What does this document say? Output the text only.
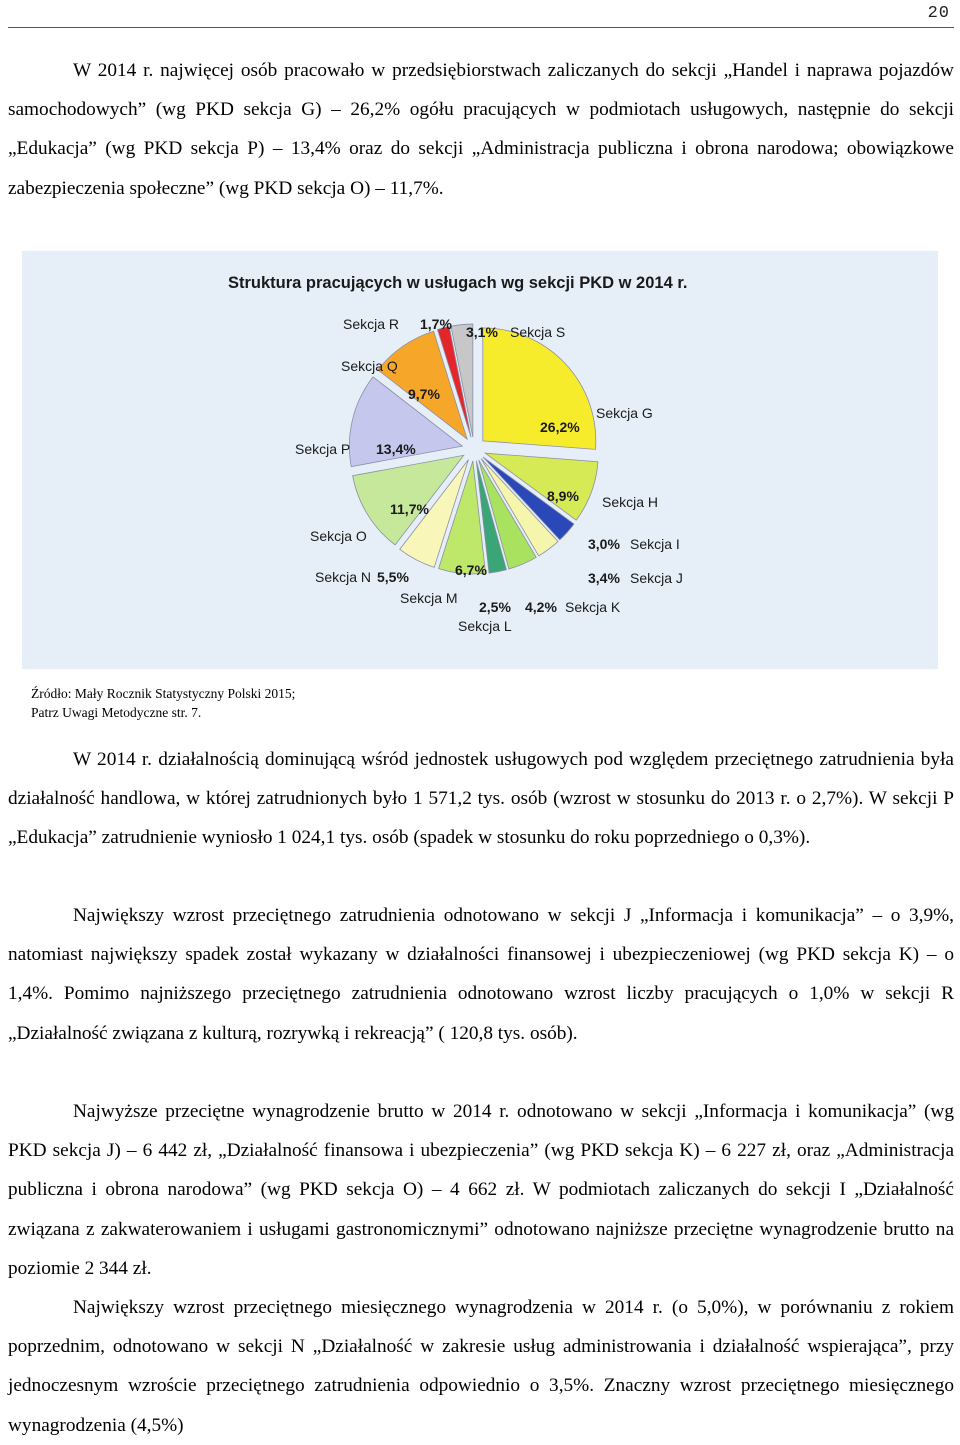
20

W 2014 r. najwięcej osób pracowało w przedsiębiorstwach zaliczanych do sekcji „Handel i naprawa pojazdów samochodowych” (wg PKD sekcja G) – 26,2% ogółu pracujących w podmiotach usługowych, następnie do sekcji „Edukacja” (wg PKD sekcja P) – 13,4% oraz do sekcji „Administracja publiczna i obrona narodowa; obowiązkowe zabezpieczenia społeczne” (wg PKD sekcja O) – 11,7%.

Struktura pracujących w usługach wg sekcji PKD w 2014 r.
Sekcja G
26,2%
Sekcja H
8,9%
Sekcja I
3,0%
Sekcja J
3,4%
Sekcja K
4,2%
Sekcja L
2,5%
Sekcja M
6,7%
Sekcja N 5,5%
Sekcja O
11,7%
Sekcja P 13,4%
Sekcja Q
9,7%
Sekcja R 1,7%	Sekcja S
3,1%
Źródło: Mały Rocznik Statystyczny Polski 2015;
Patrz Uwagi Metodyczne str. 7.

W 2014 r. działalnością dominującą wśród jednostek usługowych pod względem przeciętnego zatrudnienia była działalność handlowa, w której zatrudnionych było 1 571,2 tys. osób (wzrost w stosunku do 2013 r. o 2,7%). W sekcji P „Edukacja” zatrudnienie wyniosło 1 024,1 tys. osób (spadek w stosunku do roku poprzedniego o 0,3%).

Największy wzrost przeciętnego zatrudnienia odnotowano w sekcji J „Informacja i komunikacja” – o 3,9%, natomiast największy spadek został wykazany w działalności finansowej i ubezpieczeniowej (wg PKD sekcja K) – o 1,4%. Pomimo najniższego przeciętnego zatrudnienia odnotowano wzrost liczby pracujących o 1,0% w sekcji R „Działalność związana z kulturą, rozrywką i rekreacją” ( 120,8 tys. osób).

Najwyższe przeciętne wynagrodzenie brutto w 2014 r. odnotowano w sekcji „Informacja i komunikacja” (wg PKD sekcja J) – 6 442 zł, „Działalność finansowa i ubezpieczenia” (wg PKD sekcja K) – 6 227 zł, oraz „Administracja publiczna i obrona narodowa” (wg PKD sekcja O) – 4 662 zł. W podmiotach zaliczanych do sekcji I „Działalność związana z zakwaterowaniem i usługami gastronomicznymi” odnotowano najniższe przeciętne wynagrodzenie brutto na poziomie 2 344 zł.

Największy wzrost przeciętnego miesięcznego wynagrodzenia w 2014 r. (o 5,0%), w porównaniu z rokiem poprzednim, odnotowano w sekcji N „Działalność w zakresie usług administrowania i działalność wspierająca”, przy jednoczesnym wzroście przeciętnego zatrudnienia odpowiednio o 3,5%. Znaczny wzrost przeciętnego miesięcznego wynagrodzenia (4,5%)
